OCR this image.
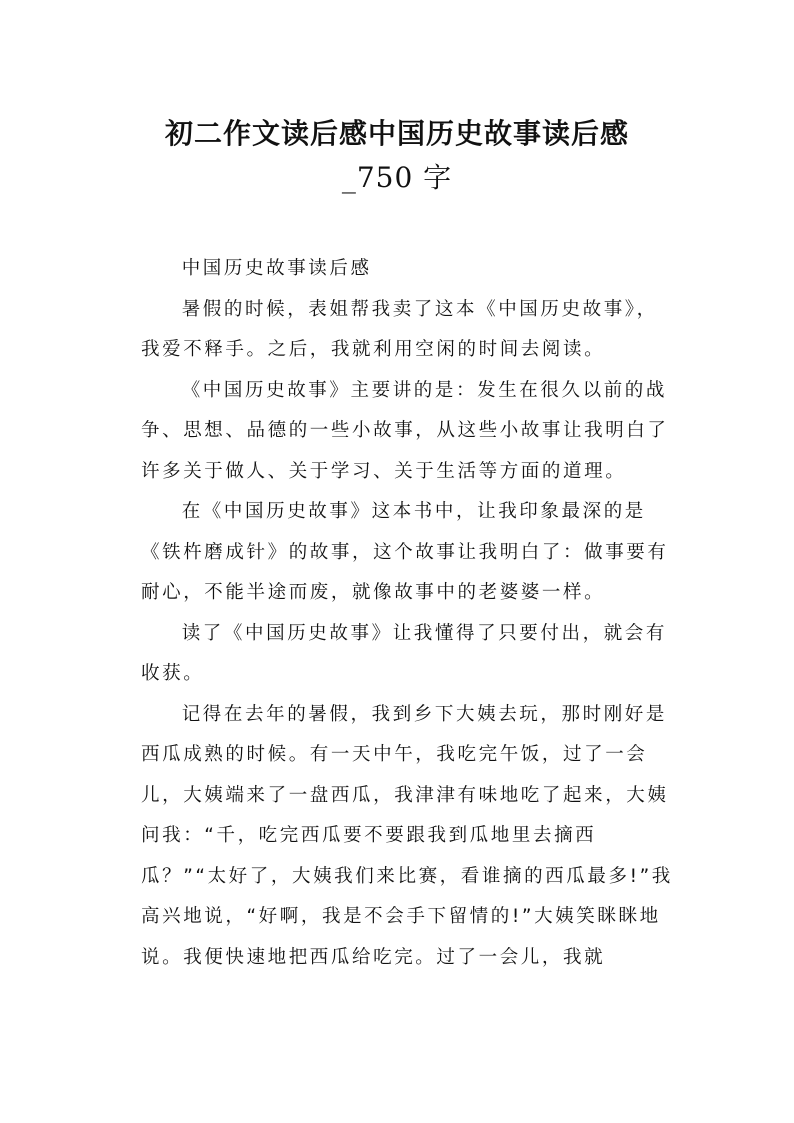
初二作文读后感中国历史故事读后感
_750 字

中国历史故事读后感

暑假的时候，表姐帮我卖了这本《中国历史故事》，我爱不释手。之后，我就利用空闲的时间去阅读。

《中国历史故事》主要讲的是：发生在很久以前的战争、思想、品德的一些小故事，从这些小故事让我明白了许多关于做人、关于学习、关于生活等方面的道理。

在《中国历史故事》这本书中，让我印象最深的是《铁杵磨成针》的故事，这个故事让我明白了：做事要有耐心，不能半途而废，就像故事中的老婆婆一样。

读了《中国历史故事》让我懂得了只要付出，就会有收获。

记得在去年的暑假，我到乡下大姨去玩，那时刚好是西瓜成熟的时候。有一天中午，我吃完午饭，过了一会儿，大姨端来了一盘西瓜，我津津有味地吃了起来，大姨问我：“千，吃完西瓜要不要跟我到瓜地里去摘西瓜？”“太好了，大姨我们来比赛，看谁摘的西瓜最多!”我高兴地说，“好啊，我是不会手下留情的!”大姨笑眯眯地说。我便快速地把西瓜给吃完。过了一会儿，我就
